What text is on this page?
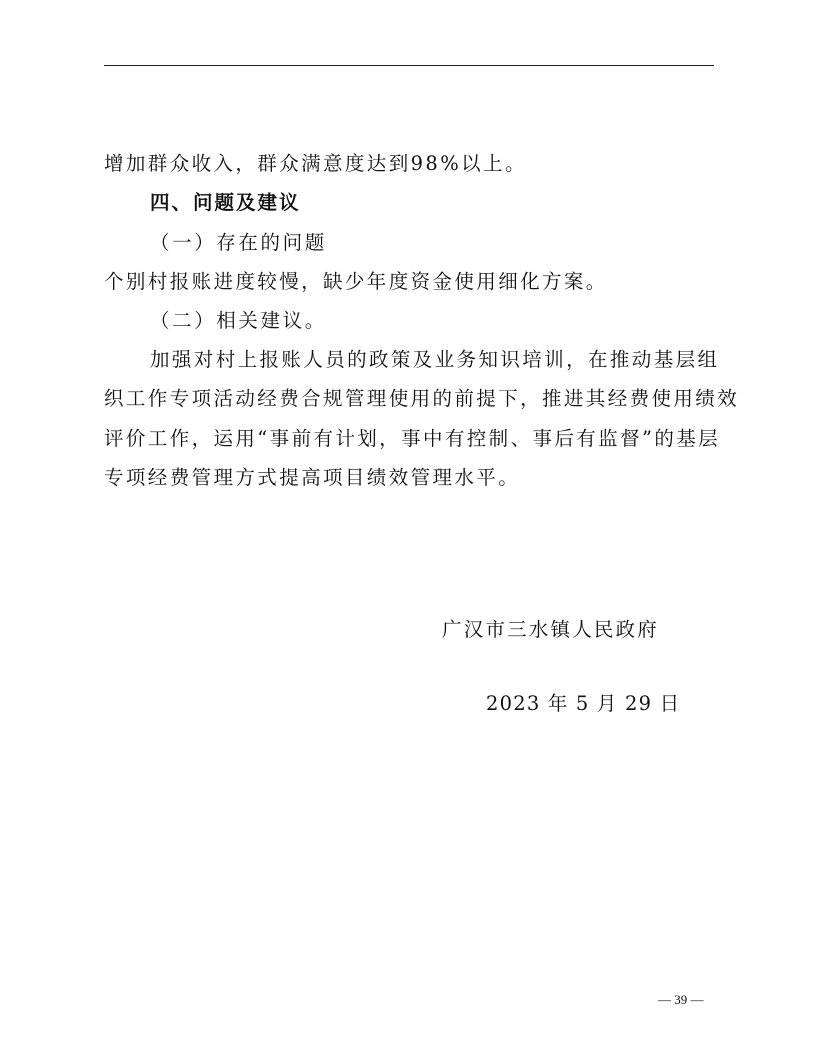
增加群众收入，群众满意度达到98%以上。
四、问题及建议
（一）存在的问题
个别村报账进度较慢，缺少年度资金使用细化方案。
（二）相关建议。
加强对村上报账人员的政策及业务知识培训，在推动基层组
织工作专项活动经费合规管理使用的前提下，推进其经费使用绩效
评价工作，运用“事前有计划，事中有控制、事后有监督”的基层
专项经费管理方式提高项目绩效管理水平。
广汉市三水镇人民政府
2023 年 5 月 29 日
— 39 —
